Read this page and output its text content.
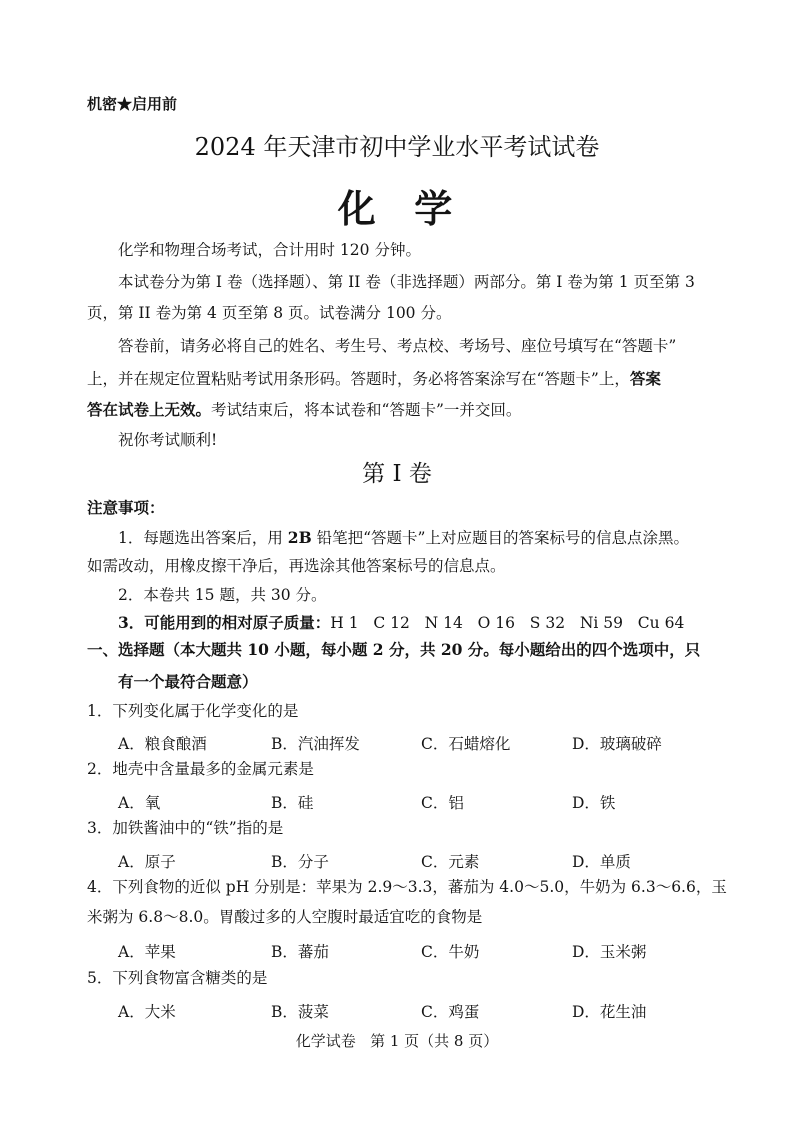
机密★启用前
2024 年天津市初中学业水平考试试卷
化  学
化学和物理合场考试，合计用时 120 分钟。
本试卷分为第 I 卷（选择题）、第 II 卷（非选择题）两部分。第 I 卷为第 1 页至第 3
页，第 II 卷为第 4 页至第 8 页。试卷满分 100 分。
答卷前，请务必将自己的姓名、考生号、考点校、考场号、座位号填写在“答题卡”
上，并在规定位置粘贴考试用条形码。答题时，务必将答案涂写在“答题卡”上，答案
答在试卷上无效。考试结束后，将本试卷和“答题卡”一并交回。
祝你考试顺利!
第 I 卷
注意事项：
1．每题选出答案后，用 2B 铅笔把“答题卡”上对应题目的答案标号的信息点涂黑。
如需改动，用橡皮擦干净后，再选涂其他答案标号的信息点。
2．本卷共 15 题，共 30 分。
3．可能用到的相对原子质量：H 1   C 12   N 14   O 16   S 32   Ni 59   Cu 64
一、选择题（本大题共 10 小题，每小题 2 分，共 20 分。每小题给出的四个选项中，只
有一个最符合题意）
1．下列变化属于化学变化的是
A．粮食酿酒	B．汽油挥发	C．石蜡熔化	D．玻璃破碎
2．地壳中含量最多的金属元素是
A．氧	B．硅	C．铝	D．铁
3．加铁酱油中的“铁”指的是
A．原子	B．分子	C．元素	D．单质
4．下列食物的近似 pH 分别是：苹果为 2.9～3.3，蕃茄为 4.0～5.0，牛奶为 6.3～6.6，玉
米粥为 6.8～8.0。胃酸过多的人空腹时最适宜吃的食物是
A．苹果	B．蕃茄	C．牛奶	D．玉米粥
5．下列食物富含糖类的是
A．大米	B．菠菜	C．鸡蛋	D．花生油
化学试卷   第 1 页（共 8 页）
